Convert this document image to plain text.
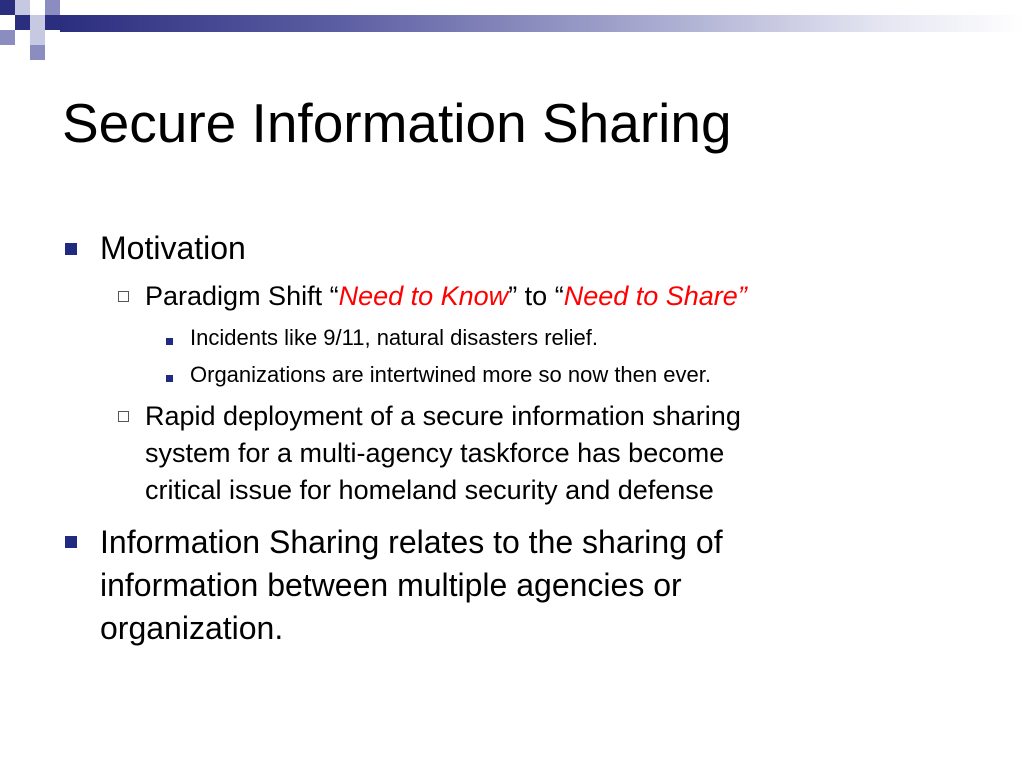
Secure Information Sharing
Motivation
Paradigm Shift “Need to Know” to “Need to Share”
Incidents like 9/11, natural disasters relief.
Organizations are intertwined more so now then ever.
Rapid deployment of a secure information sharing
system for a multi-agency taskforce has become
critical issue for homeland security and defense
Information Sharing relates to the sharing of
information between multiple agencies or
organization.
